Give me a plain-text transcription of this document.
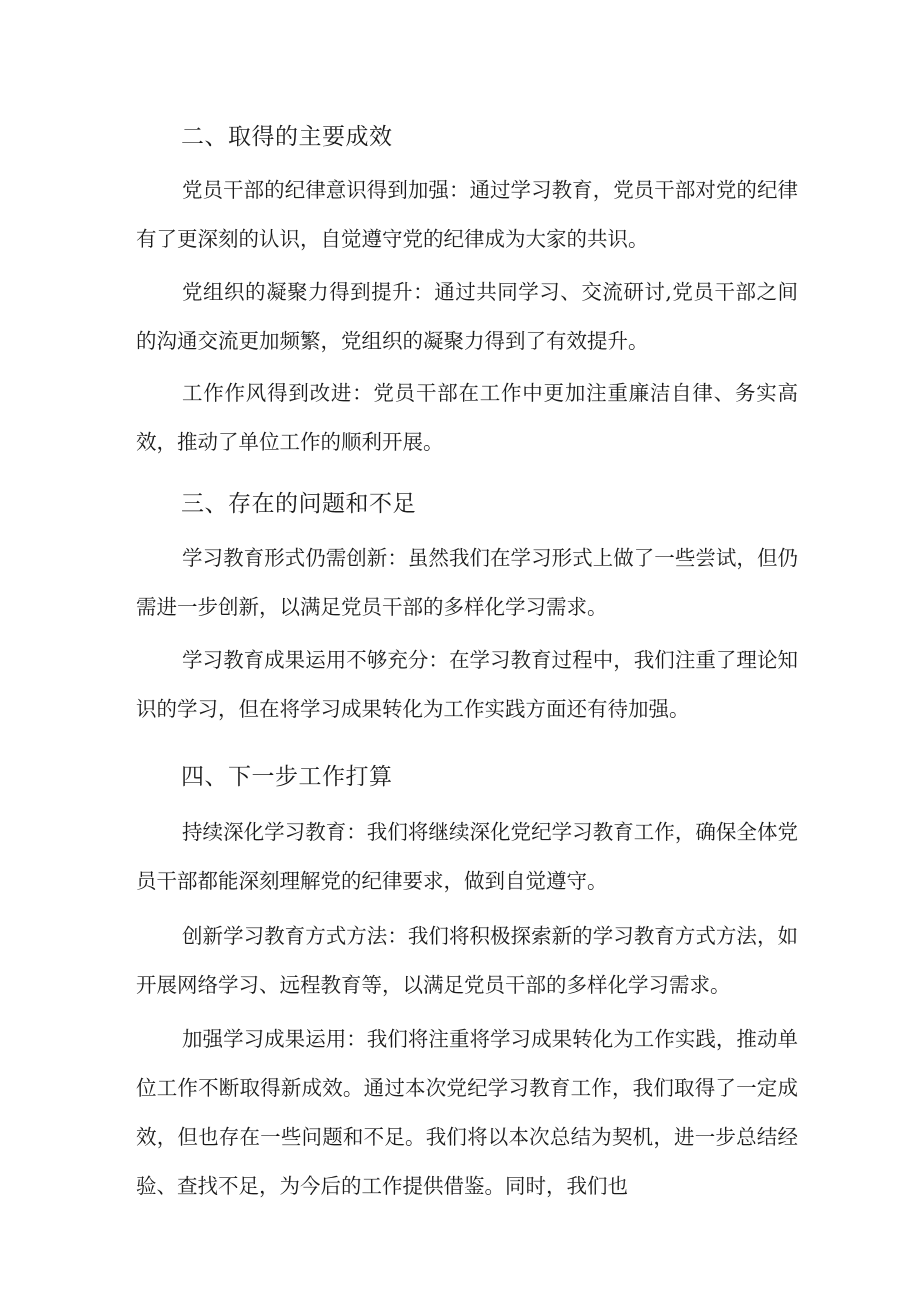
二、取得的主要成效

党员干部的纪律意识得到加强：通过学习教育，党员干部对党的纪律有了更深刻的认识，自觉遵守党的纪律成为大家的共识。

党组织的凝聚力得到提升：通过共同学习、交流研讨,党员干部之间的沟通交流更加频繁，党组织的凝聚力得到了有效提升。

工作作风得到改进：党员干部在工作中更加注重廉洁自律、务实高效，推动了单位工作的顺利开展。

三、存在的问题和不足

学习教育形式仍需创新：虽然我们在学习形式上做了一些尝试，但仍需进一步创新，以满足党员干部的多样化学习需求。

学习教育成果运用不够充分：在学习教育过程中，我们注重了理论知识的学习，但在将学习成果转化为工作实践方面还有待加强。

四、下一步工作打算

持续深化学习教育：我们将继续深化党纪学习教育工作，确保全体党员干部都能深刻理解党的纪律要求，做到自觉遵守。

创新学习教育方式方法：我们将积极探索新的学习教育方式方法，如开展网络学习、远程教育等，以满足党员干部的多样化学习需求。

加强学习成果运用：我们将注重将学习成果转化为工作实践，推动单位工作不断取得新成效。通过本次党纪学习教育工作，我们取得了一定成效，但也存在一些问题和不足。我们将以本次总结为契机，进一步总结经验、查找不足，为今后的工作提供借鉴。同时，我们也
